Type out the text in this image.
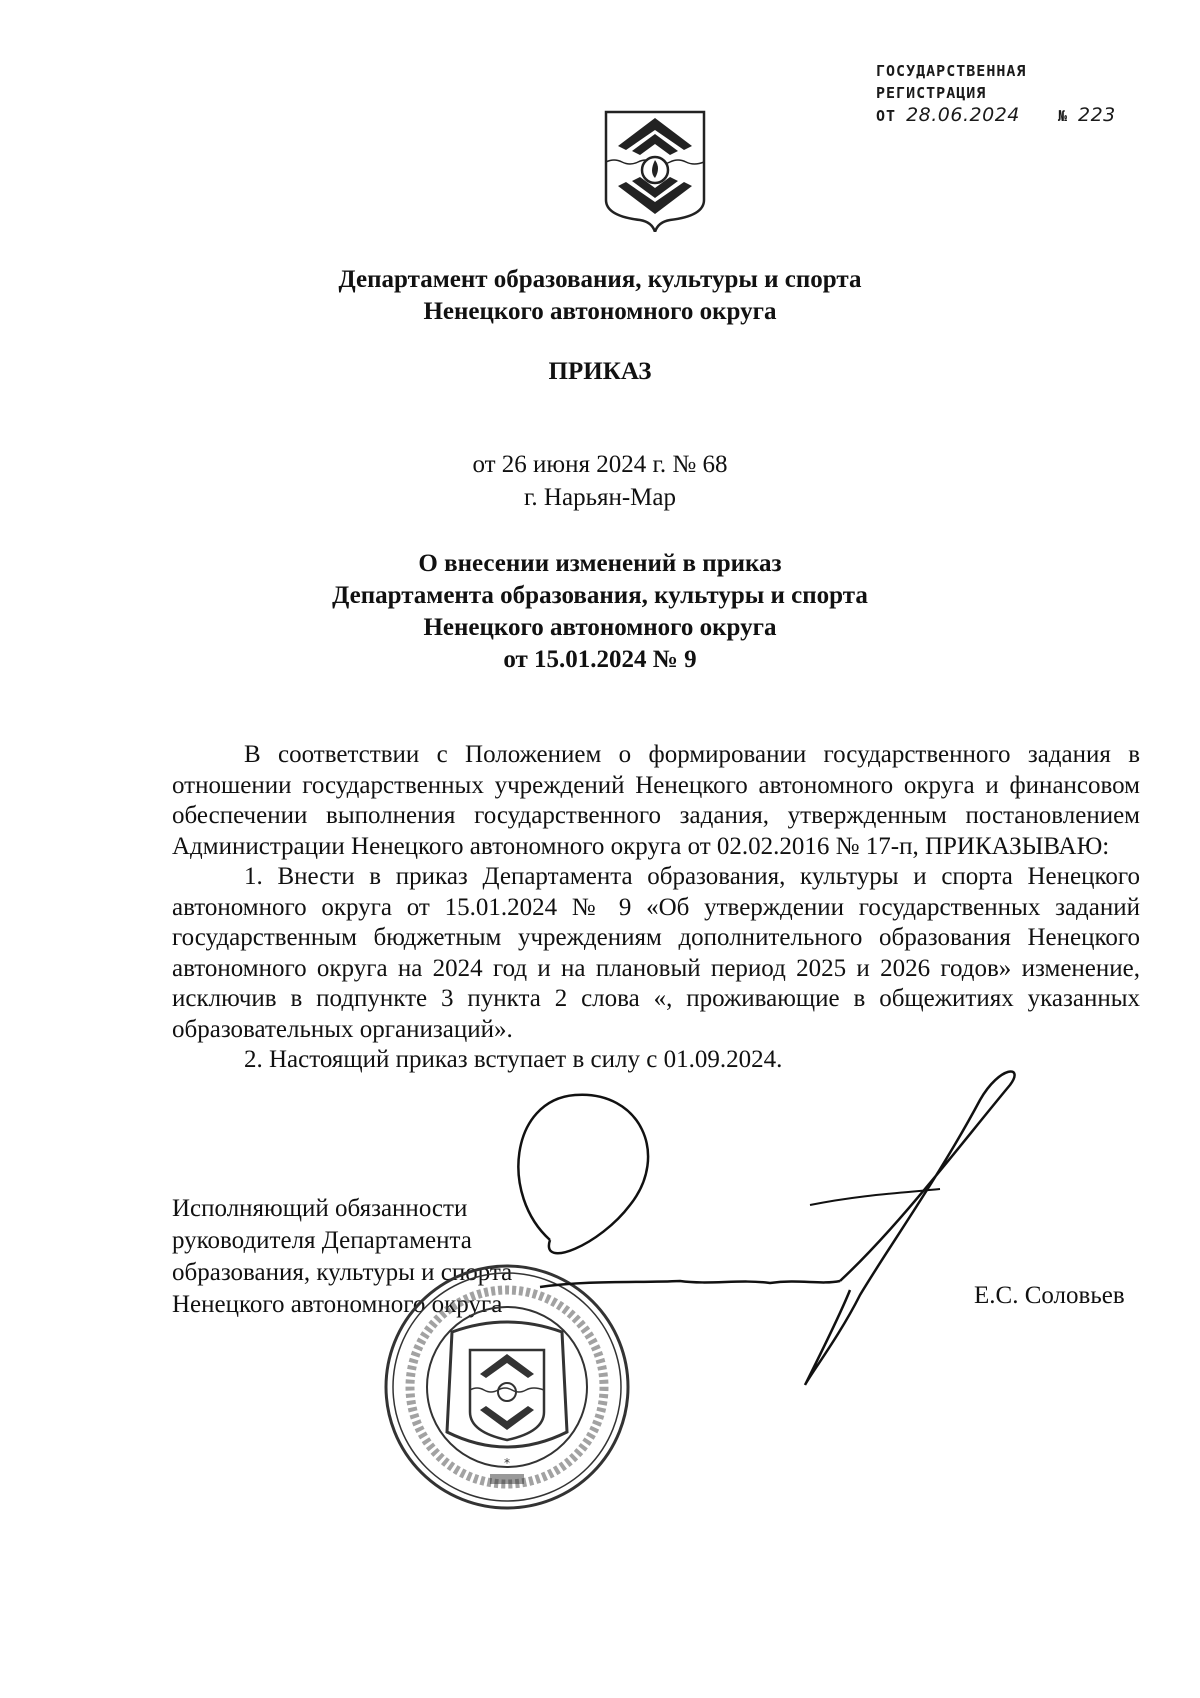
ГОСУДАРСТВЕННАЯ
РЕГИСТРАЦИЯ
ОТ 28.06.2024	№ 223
Департамент образования, культуры и спорта
Ненецкого автономного округа
ПРИКАЗ
от 26 июня 2024 г. № 68
г. Нарьян-Мар
О внесении изменений в приказ
Департамента образования, культуры и спорта
Ненецкого автономного округа
от 15.01.2024 № 9

В соответствии с Положением о формировании государственного задания в отношении государственных учреждений Ненецкого автономного округа и финансовом обеспечении выполнения государственного задания, утвержденным постановлением Администрации Ненецкого автономного округа от 02.02.2016 № 17-п, ПРИКАЗЫВАЮ:

1. Внести в приказ Департамента образования, культуры и спорта Ненецкого автономного округа от 15.01.2024 № 9 «Об утверждении государственных заданий государственным бюджетным учреждениям дополнительного образования Ненецкого автономного округа на 2024 год и на плановый период 2025 и 2026 годов» изменение, исключив в подпункте 3 пункта 2 слова «, проживающие в общежитиях указанных образовательных организаций».

2. Настоящий приказ вступает в силу с 01.09.2024.

Исполняющий обязанности
руководителя Департамента
образования, культуры и спорта
Ненецкого автономного округа	Е.С. Соловьев
*
